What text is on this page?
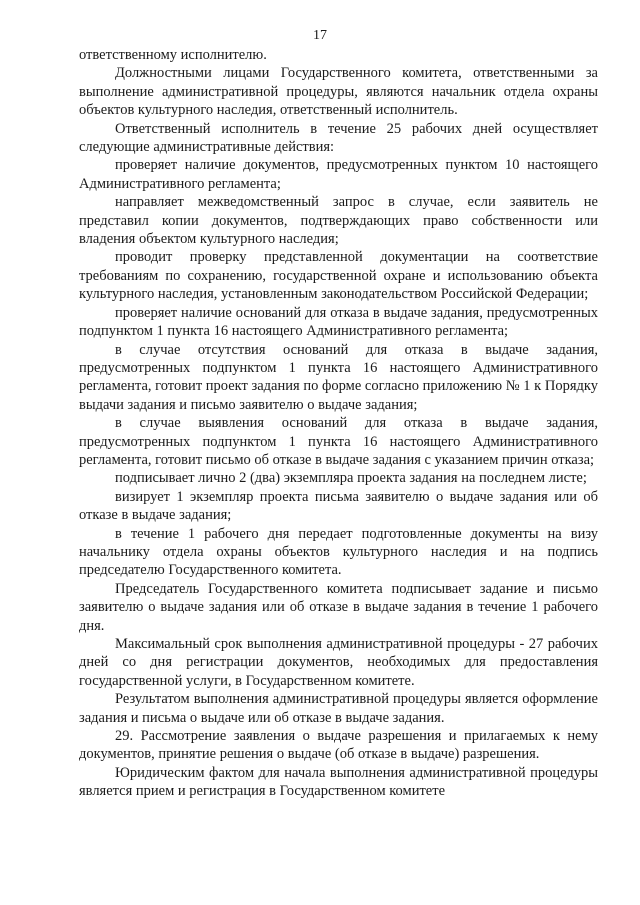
17

ответственному исполнителю.

Должностными лицами Государственного комитета, ответственными за выполнение административной процедуры, являются начальник отдела охраны объектов культурного наследия, ответственный исполнитель.

Ответственный исполнитель в течение 25 рабочих дней осуществляет следующие административные действия:

проверяет наличие документов, предусмотренных пунктом 10 настоящего Административного регламента;

направляет межведомственный запрос в случае, если заявитель не представил копии документов, подтверждающих право собственности или владения объектом культурного наследия;

проводит проверку представленной документации на соответствие требованиям по сохранению, государственной охране и использованию объекта культурного наследия, установленным законодательством Российской Федерации;

проверяет наличие оснований для отказа в выдаче задания, предусмотренных подпунктом 1 пункта 16 настоящего Административного регламента;

в случае отсутствия оснований для отказа в выдаче задания, предусмотренных подпунктом 1 пункта 16 настоящего Административного регламента, готовит проект задания по форме согласно приложению № 1 к Порядку выдачи задания и письмо заявителю о выдаче задания;

в случае выявления оснований для отказа в выдаче задания, предусмотренных подпунктом 1 пункта 16 настоящего Административного регламента, готовит письмо об отказе в выдаче задания с указанием причин отказа;

подписывает лично 2 (два) экземпляра проекта задания на последнем листе;

визирует 1 экземпляр проекта письма заявителю о выдаче задания или об отказе в выдаче задания;

в течение 1 рабочего дня передает подготовленные документы на визу начальнику отдела охраны объектов культурного наследия и на подпись председателю Государственного комитета.

Председатель Государственного комитета подписывает задание и письмо заявителю о выдаче задания или об отказе в выдаче задания в течение 1 рабочего дня.

Максимальный срок выполнения административной процедуры - 27 рабочих дней со дня регистрации документов, необходимых для предоставления государственной услуги, в Государственном комитете.

Результатом выполнения административной процедуры является оформление задания и письма о выдаче или об отказе в выдаче задания.

29. Рассмотрение заявления о выдаче разрешения и прилагаемых к нему документов, принятие решения о выдаче (об отказе в выдаче) разрешения.

Юридическим фактом для начала выполнения административной процедуры является прием и регистрация в Государственном комитете
